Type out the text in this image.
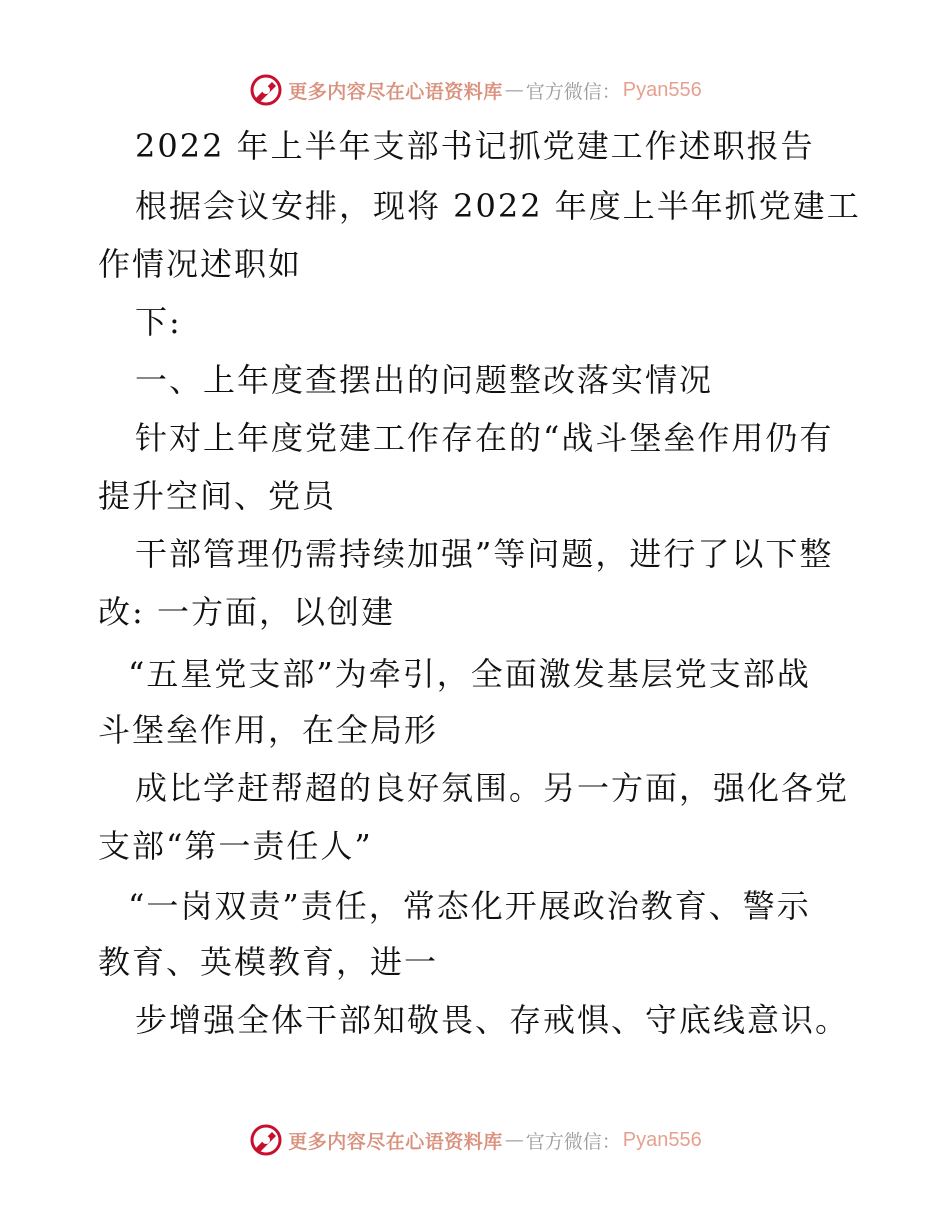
更多内容尽在心语资料库 — 官方微信： Pyan556
2022 年上半年支部书记抓党建工作述职报告
根据会议安排，现将 2022 年度上半年抓党建工
作情况述职如
下:
一、上年度查摆出的问题整改落实情况
针对上年度党建工作存在的“战斗堡垒作用仍有
提升空间、党员
干部管理仍需持续加强”等问题，进行了以下整
改: 一方面，以创建
“五星党支部”为牵引，全面激发基层党支部战
斗堡垒作用，在全局形
成比学赶帮超的良好氛围。另一方面，强化各党
支部“第一责任人”
“一岗双责”责任，常态化开展政治教育、警示
教育、英模教育，进一
步增强全体干部知敬畏、存戒惧、守底线意识。
更多内容尽在心语资料库 — 官方微信： Pyan556
